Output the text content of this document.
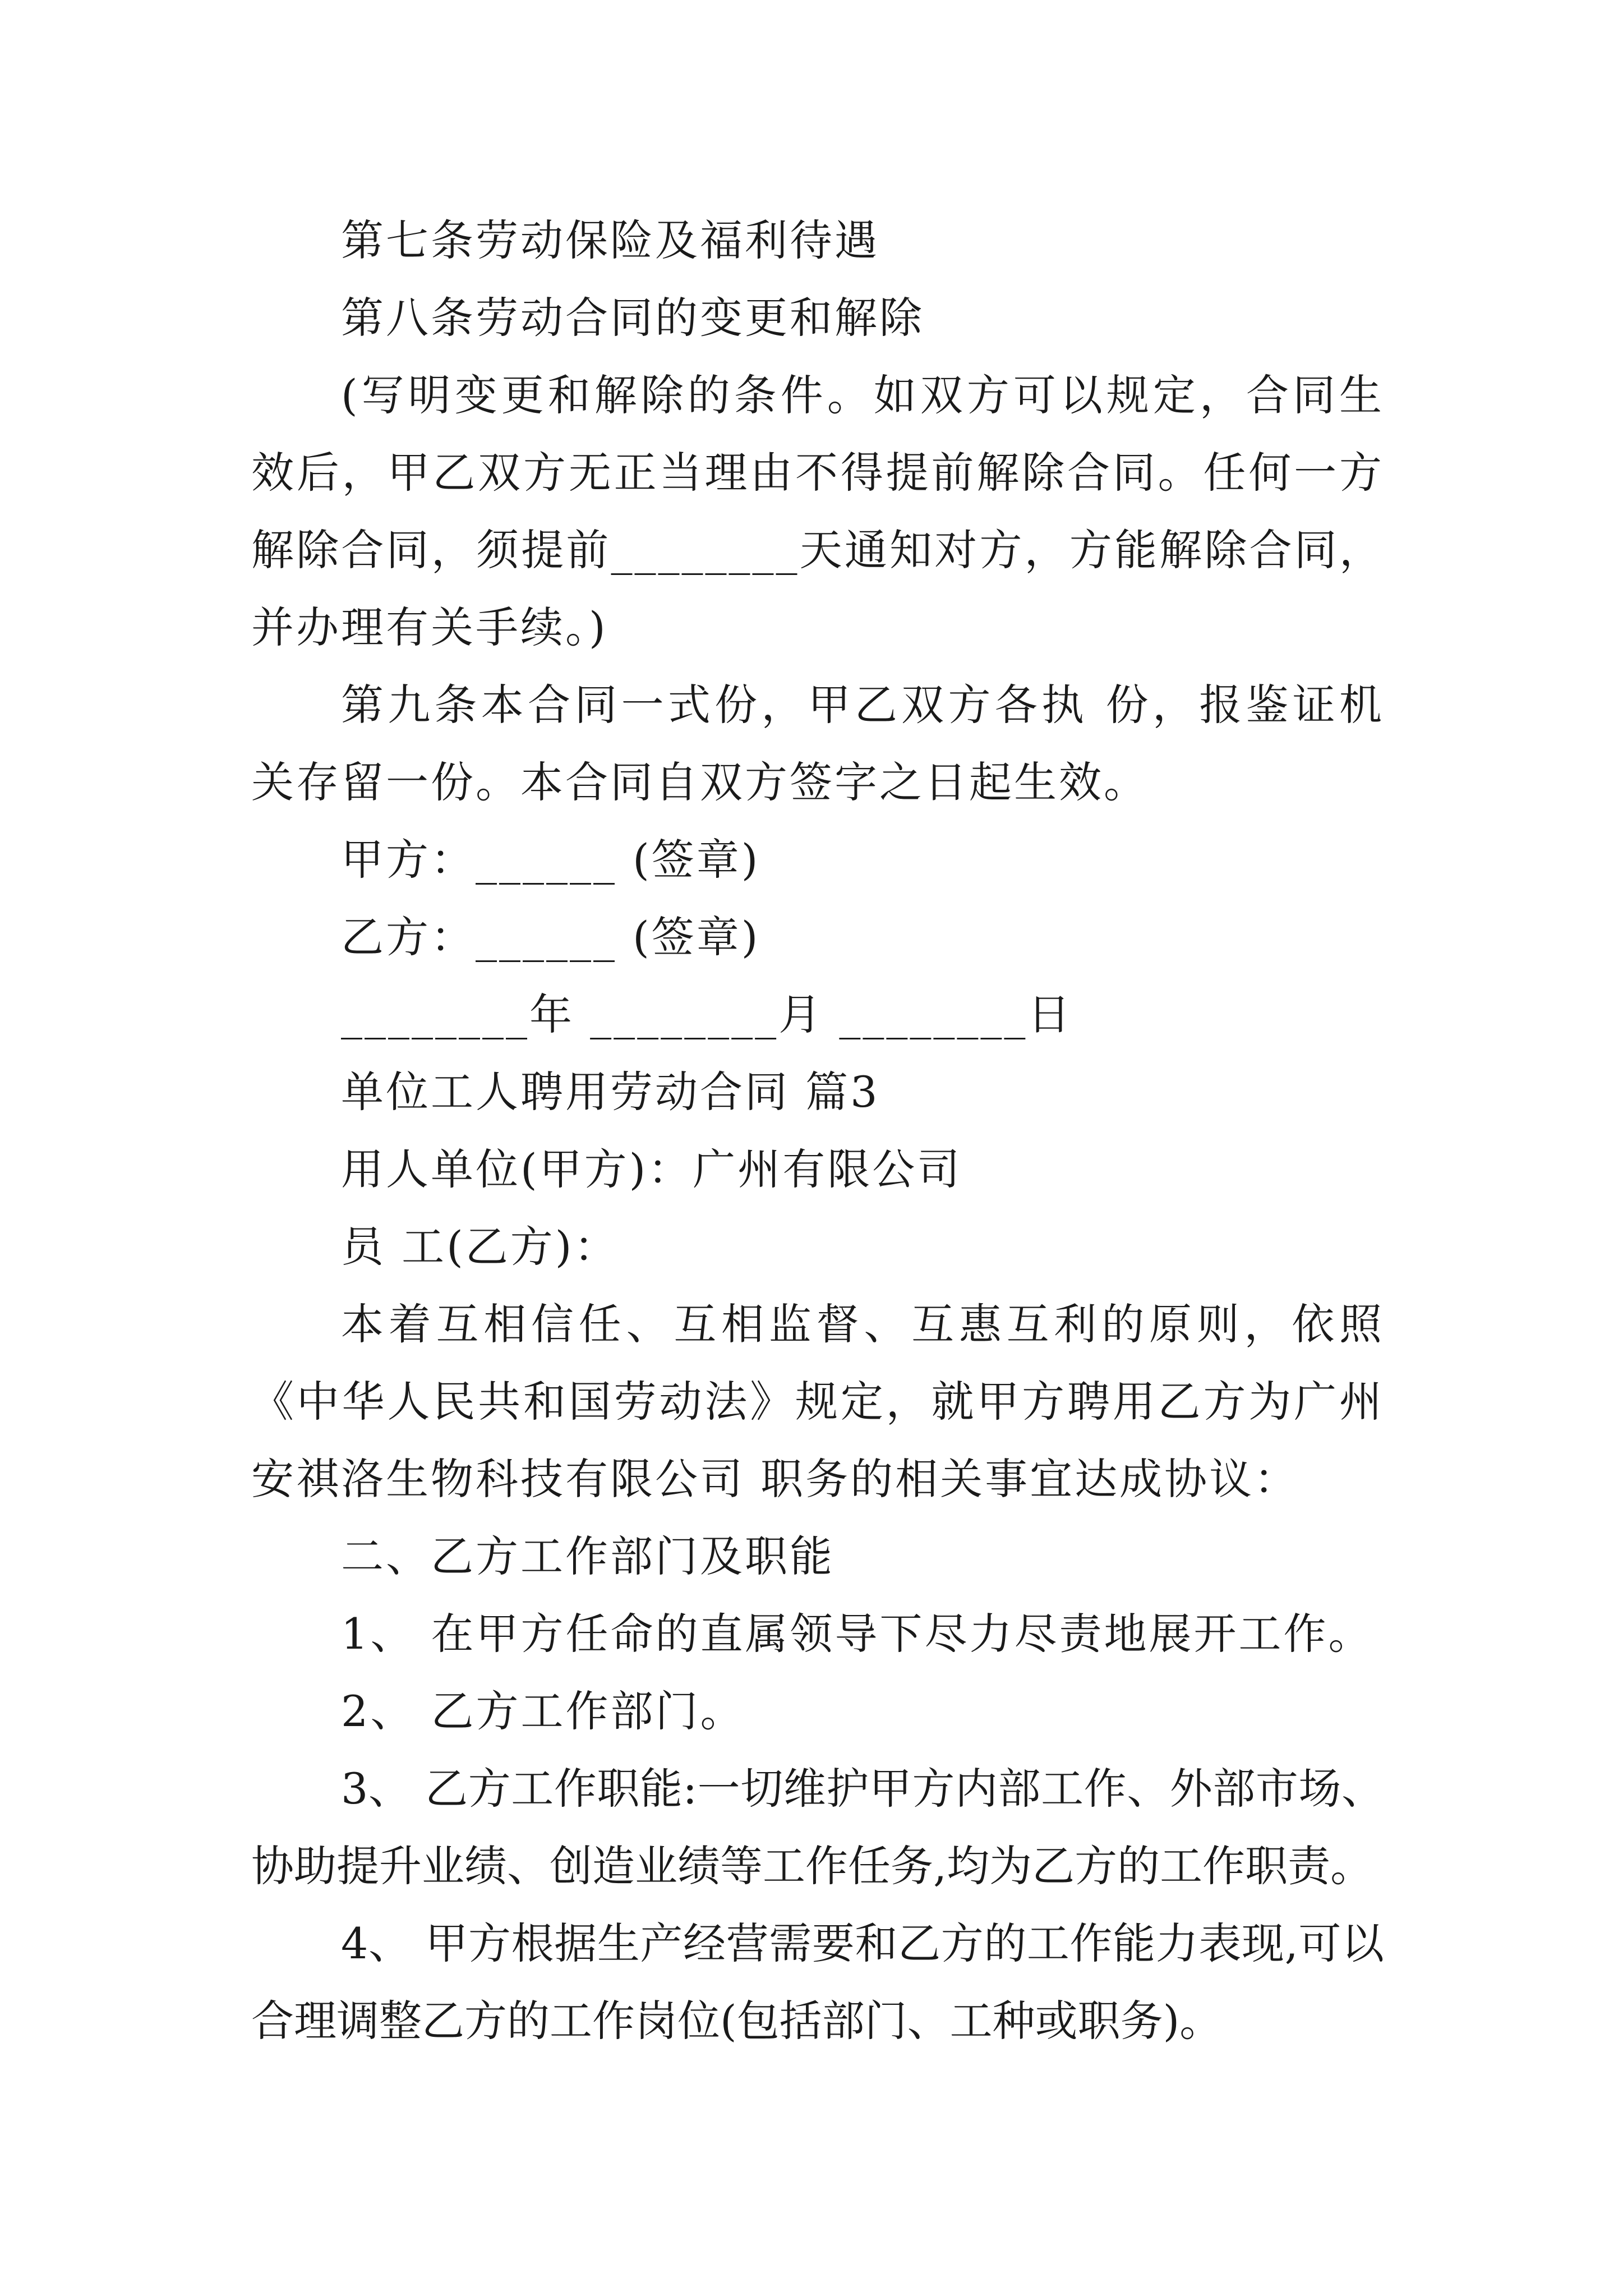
第七条劳动保险及福利待遇

第八条劳动合同的变更和解除

(写明变更和解除的条件。如双方可以规定，合同生效后，甲乙双方无正当理由不得提前解除合同。任何一方解除合同，须提前________天通知对方，方能解除合同，并办理有关手续。)

第九条本合同一式份，甲乙双方各执 份，报鉴证机关存留一份。本合同自双方签字之日起生效。

甲方：______ (签章)

乙方：______ (签章)

________年 ________月 ________日

单位工人聘用劳动合同 篇3

用人单位(甲方)：广州有限公司

员 工(乙方)：

本着互相信任、互相监督、互惠互利的原则，依照《中华人民共和国劳动法》规定，就甲方聘用乙方为广州安祺洛生物科技有限公司 职务的相关事宜达成协议：

二、乙方工作部门及职能

1、 在甲方任命的直属领导下尽力尽责地展开工作。

2、 乙方工作部门。

3、 乙方工作职能:一切维护甲方内部工作、外部市场、协助提升业绩、创造业绩等工作任务,均为乙方的工作职责。

4、 甲方根据生产经营需要和乙方的工作能力表现,可以合理调整乙方的工作岗位(包括部门、工种或职务)。
